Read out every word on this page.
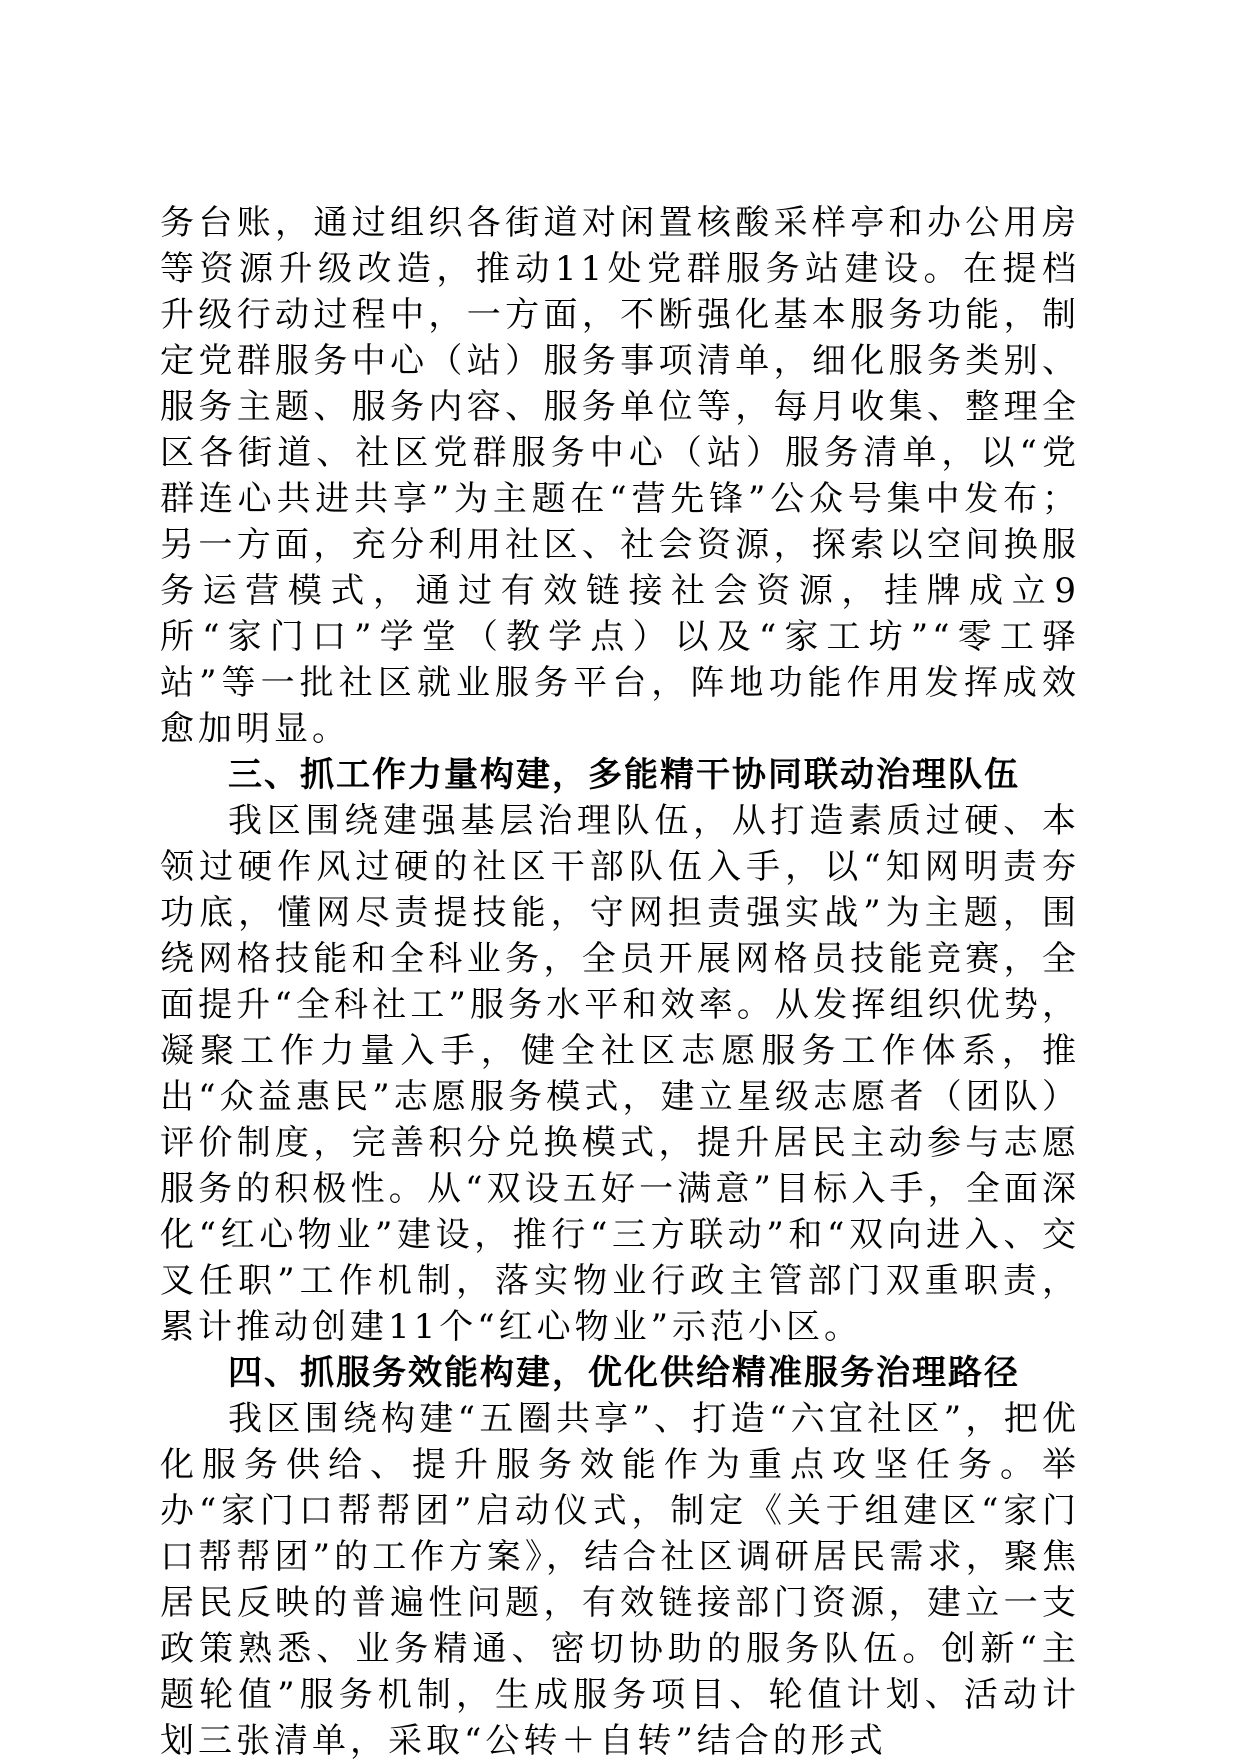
务台账，通过组织各街道对闲置核酸采样亭和办公用房等资源升级改造，推动11处党群服务站建设。在提档升级行动过程中，一方面，不断强化基本服务功能，制定党群服务中心（站）服务事项清单，细化服务类别、服务主题、服务内容、服务单位等，每月收集、整理全区各街道、社区党群服务中心（站）服务清单，以“党群连心共进共享”为主题在“营先锋”公众号集中发布；另一方面，充分利用社区、社会资源，探索以空间换服务运营模式，通过有效链接社会资源，挂牌成立9所“家门口”学堂（教学点）以及“家工坊”“零工驿站”等一批社区就业服务平台，阵地功能作用发挥成效愈加明显。

三、抓工作力量构建，多能精干协同联动治理队伍

我区围绕建强基层治理队伍，从打造素质过硬、本领过硬作风过硬的社区干部队伍入手，以“知网明责夯功底，懂网尽责提技能，守网担责强实战”为主题，围绕网格技能和全科业务，全员开展网格员技能竞赛，全面提升“全科社工”服务水平和效率。从发挥组织优势，凝聚工作力量入手，健全社区志愿服务工作体系，推出“众益惠民”志愿服务模式，建立星级志愿者（团队）评价制度，完善积分兑换模式，提升居民主动参与志愿服务的积极性。从“双设五好一满意”目标入手，全面深化“红心物业”建设，推行“三方联动”和“双向进入、交叉任职”工作机制，落实物业行政主管部门双重职责，累计推动创建11个“红心物业”示范小区。

四、抓服务效能构建，优化供给精准服务治理路径

我区围绕构建“五圈共享”、打造“六宜社区”，把优化服务供给、提升服务效能作为重点攻坚任务。举办“家门口帮帮团”启动仪式，制定《关于组建区“家门口帮帮团”的工作方案》，结合社区调研居民需求，聚焦居民反映的普遍性问题，有效链接部门资源，建立一支政策熟悉、业务精通、密切协助的服务队伍。创新“主题轮值”服务机制，生成服务项目、轮值计划、活动计划三张清单，采取“公转＋自转”结合的形式
